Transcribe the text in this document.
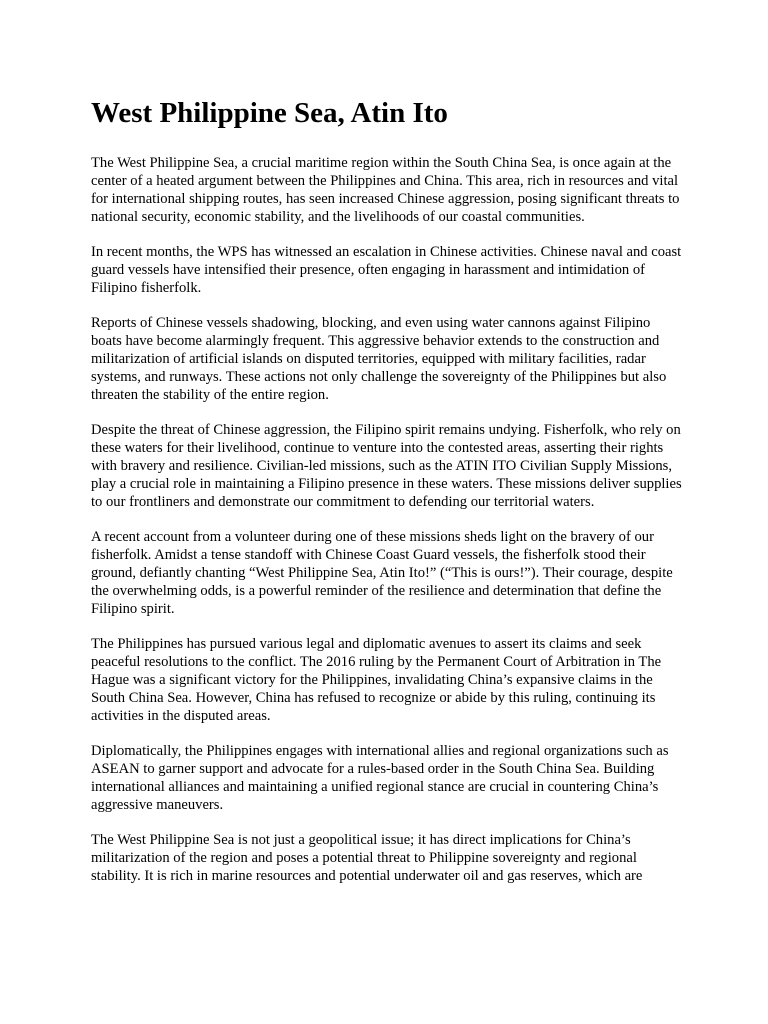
West Philippine Sea, Atin Ito

The West Philippine Sea, a crucial maritime region within the South China Sea, is once again at the center of a heated argument between the Philippines and China. This area, rich in resources and vital for international shipping routes, has seen increased Chinese aggression, posing significant threats to national security, economic stability, and the livelihoods of our coastal communities.

In recent months, the WPS has witnessed an escalation in Chinese activities. Chinese naval and coast guard vessels have intensified their presence, often engaging in harassment and intimidation of Filipino fisherfolk.

Reports of Chinese vessels shadowing, blocking, and even using water cannons against Filipino boats have become alarmingly frequent. This aggressive behavior extends to the construction and militarization of artificial islands on disputed territories, equipped with military facilities, radar systems, and runways. These actions not only challenge the sovereignty of the Philippines but also threaten the stability of the entire region.

Despite the threat of Chinese aggression, the Filipino spirit remains undying. Fisherfolk, who rely on these waters for their livelihood, continue to venture into the contested areas, asserting their rights with bravery and resilience. Civilian-led missions, such as the ATIN ITO Civilian Supply Missions, play a crucial role in maintaining a Filipino presence in these waters. These missions deliver supplies to our frontliners and demonstrate our commitment to defending our territorial waters.

A recent account from a volunteer during one of these missions sheds light on the bravery of our fisherfolk. Amidst a tense standoff with Chinese Coast Guard vessels, the fisherfolk stood their ground, defiantly chanting “West Philippine Sea, Atin Ito!” (“This is ours!”). Their courage, despite the overwhelming odds, is a powerful reminder of the resilience and determination that define the Filipino spirit.

The Philippines has pursued various legal and diplomatic avenues to assert its claims and seek peaceful resolutions to the conflict. The 2016 ruling by the Permanent Court of Arbitration in The Hague was a significant victory for the Philippines, invalidating China’s expansive claims in the South China Sea. However, China has refused to recognize or abide by this ruling, continuing its activities in the disputed areas.

Diplomatically, the Philippines engages with international allies and regional organizations such as ASEAN to garner support and advocate for a rules-based order in the South China Sea. Building international alliances and maintaining a unified regional stance are crucial in countering China’s aggressive maneuvers.

The West Philippine Sea is not just a geopolitical issue; it has direct implications for China’s militarization of the region and poses a potential threat to Philippine sovereignty and regional stability. It is rich in marine resources and potential underwater oil and gas reserves, which are
